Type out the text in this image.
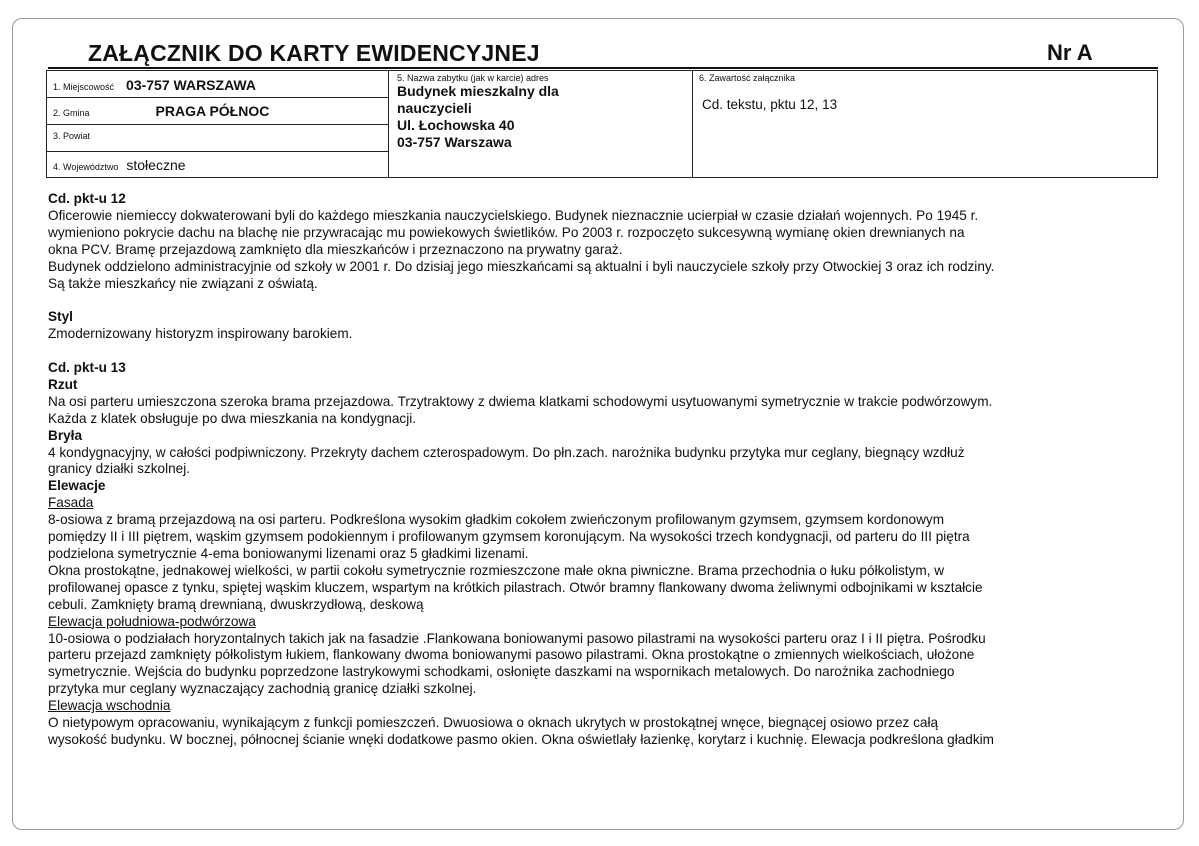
ZAŁĄCZNIK DO KARTY EWIDENCYJNEJ	Nr A
1. Miejscowość 03-757 WARSZAWA
2. Gmina	PRAGA PÓŁNOC
3. Powiat
4. Województwo stołeczne
5. Nazwa zabytku (jak w karcie) adres
Budynek mieszkalny dla
nauczycieli
Ul. Łochowska 40
03-757 Warszawa
6. Zawartość załącznika
Cd. tekstu, pktu 12, 13

Cd. pkt-u 12

Oficerowie niemieccy dokwaterowani byli do każdego mieszkania nauczycielskiego. Budynek nieznacznie ucierpiał w czasie działań wojennych. Po 1945 r.

wymieniono pokrycie dachu na blachę nie przywracając mu powiekowych świetlików. Po 2003 r. rozpoczęto sukcesywną wymianę okien drewnianych na

okna PCV. Bramę przejazdową zamknięto dla mieszkańców i przeznaczono na prywatny garaż.

Budynek oddzielono administracyjnie od szkoły w 2001 r. Do dzisiaj jego mieszkańcami są aktualni i byli nauczyciele szkoły przy Otwockiej 3 oraz ich rodziny.

Są także mieszkańcy nie związani z oświatą.

Styl

Zmodernizowany historyzm inspirowany barokiem.

Cd. pkt-u 13

Rzut

Na osi parteru umieszczona szeroka brama przejazdowa. Trzytraktowy z dwiema klatkami schodowymi usytuowanymi symetrycznie w trakcie podwórzowym.

Każda z klatek obsługuje po dwa mieszkania na kondygnacji.

Bryła

4 kondygnacyjny, w całości podpiwniczony. Przekryty dachem czterospadowym. Do płn.zach. narożnika budynku przytyka mur ceglany, biegnący wzdłuż

granicy działki szkolnej.

Elewacje

Fasada

8-osiowa z bramą przejazdową na osi parteru. Podkreślona wysokim gładkim cokołem zwieńczonym profilowanym gzymsem, gzymsem kordonowym

pomiędzy II i III piętrem, wąskim gzymsem podokiennym i profilowanym gzymsem koronującym. Na wysokości trzech kondygnacji, od parteru do III piętra

podzielona symetrycznie 4-ema boniowanymi lizenami oraz 5 gładkimi lizenami.

Okna prostokątne, jednakowej wielkości, w partii cokołu symetrycznie rozmieszczone małe okna piwniczne. Brama przechodnia o łuku półkolistym, w

profilowanej opasce z tynku, spiętej wąskim kluczem, wspartym na krótkich pilastrach. Otwór bramny flankowany dwoma żeliwnymi odbojnikami w kształcie

cebuli. Zamknięty bramą drewnianą, dwuskrzydłową, deskową

Elewacja południowa-podwórzowa

10-osiowa o podziałach horyzontalnych takich jak na fasadzie .Flankowana boniowanymi pasowo pilastrami na wysokości parteru oraz I i II piętra. Pośrodku

parteru przejazd zamknięty półkolistym łukiem, flankowany dwoma boniowanymi pasowo pilastrami. Okna prostokątne o zmiennych wielkościach, ułożone

symetrycznie. Wejścia do budynku poprzedzone lastrykowymi schodkami, osłonięte daszkami na wspornikach metalowych. Do narożnika zachodniego

przytyka mur ceglany wyznaczający zachodnią granicę działki szkolnej.

Elewacja wschodnia

O nietypowym opracowaniu, wynikającym z funkcji pomieszczeń. Dwuosiowa o oknach ukrytych w prostokątnej wnęce, biegnącej osiowo przez całą

wysokość budynku. W bocznej, północnej ścianie wnęki dodatkowe pasmo okien. Okna oświetlały łazienkę, korytarz i kuchnię. Elewacja podkreślona gładkim
